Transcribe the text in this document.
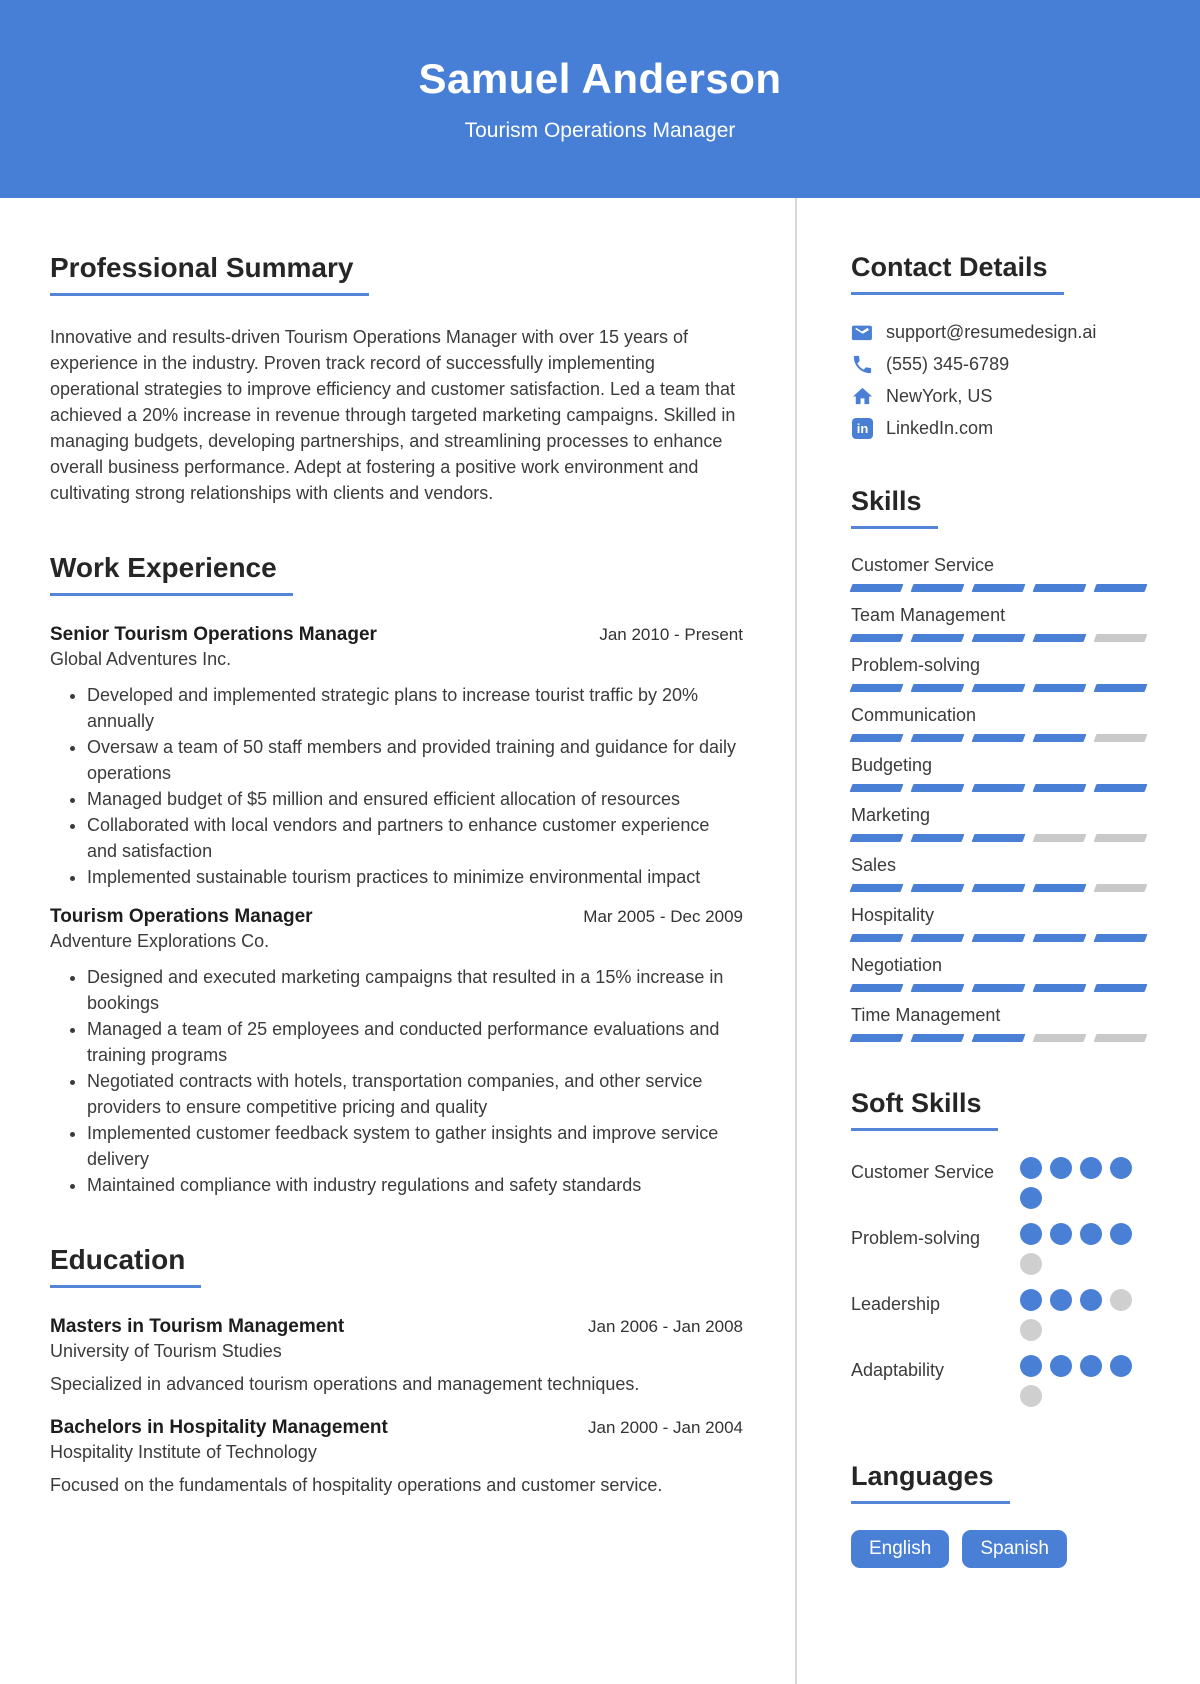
Samuel Anderson
Tourism Operations Manager
Professional Summary

Innovative and results-driven Tourism Operations Manager with over 15 years of experience in the industry. Proven track record of successfully implementing operational strategies to improve efficiency and customer satisfaction. Led a team that achieved a 20% increase in revenue through targeted marketing campaigns. Skilled in managing budgets, developing partnerships, and streamlining processes to enhance overall business performance. Adept at fostering a positive work environment and cultivating strong relationships with clients and vendors.

Work Experience
Senior Tourism Operations Manager	Jan 2010 - Present
Global Adventures Inc.
• Developed and implemented strategic plans to increase tourist traffic by 20% annually
• Oversaw a team of 50 staff members and provided training and guidance for daily operations
• Managed budget of $5 million and ensured efficient allocation of resources
• Collaborated with local vendors and partners to enhance customer experience and satisfaction
• Implemented sustainable tourism practices to minimize environmental impact
Tourism Operations Manager	Mar 2005 - Dec 2009
Adventure Explorations Co.
• Designed and executed marketing campaigns that resulted in a 15% increase in bookings
• Managed a team of 25 employees and conducted performance evaluations and training programs
• Negotiated contracts with hotels, transportation companies, and other service providers to ensure competitive pricing and quality
• Implemented customer feedback system to gather insights and improve service delivery
• Maintained compliance with industry regulations and safety standards
Education
Masters in Tourism Management	Jan 2006 - Jan 2008
University of Tourism Studies
Specialized in advanced tourism operations and management techniques.
Bachelors in Hospitality Management	Jan 2000 - Jan 2004
Hospitality Institute of Technology
Focused on the fundamentals of hospitality operations and customer service.
Contact Details
support@resumedesign.ai
(555) 345-6789
NewYork, US
in LinkedIn.com
Skills
Customer Service
Team Management
Problem-solving
Communication
Budgeting
Marketing
Sales
Hospitality
Negotiation
Time Management
Soft Skills
Customer Service
Problem-solving
Leadership
Adaptability
Languages
English	Spanish
